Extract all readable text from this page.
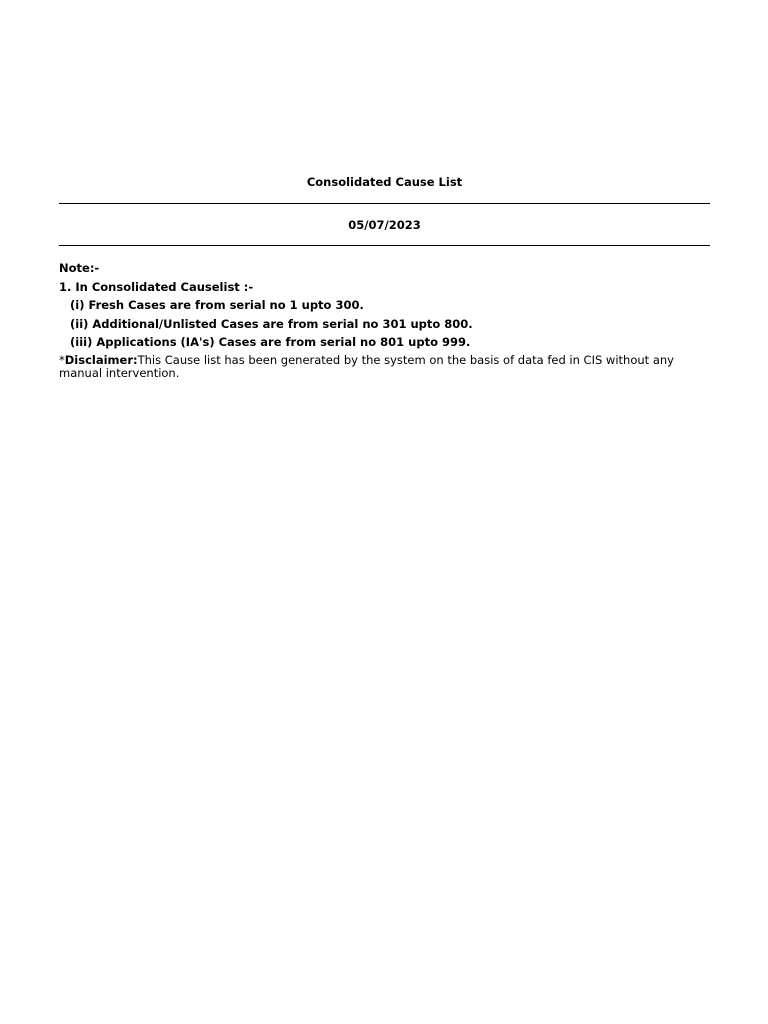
Consolidated Cause List
05/07/2023
Note:-
1. In Consolidated Causelist :-
(i) Fresh Cases are from serial no 1 upto 300.
(ii) Additional/Unlisted Cases are from serial no 301 upto 800.
(iii) Applications (IA's) Cases are from serial no 801 upto 999.
*Disclaimer:This Cause list has been generated by the system on the basis of data fed in CIS without any manual intervention.
